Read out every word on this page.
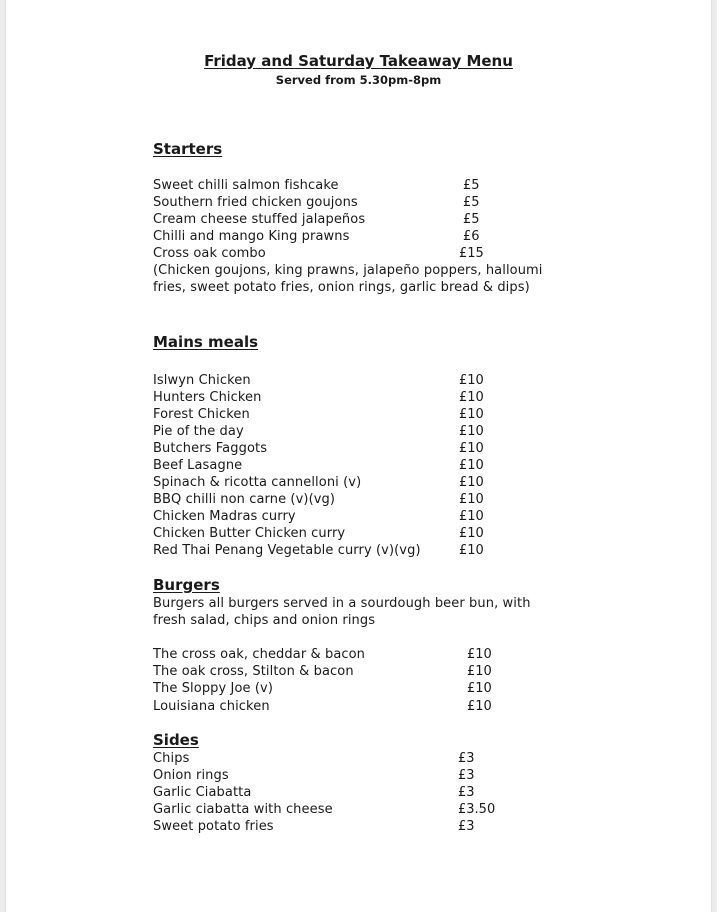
Friday and Saturday Takeaway Menu
Served from 5.30pm-8pm
Starters
Sweet chilli salmon fishcake	£5
Southern fried chicken goujons	£5
Cream cheese stuffed jalapeños	£5
Chilli and mango King prawns	£6
Cross oak combo	£15
(Chicken goujons, king prawns, jalapeño poppers, halloumi
fries, sweet potato fries, onion rings, garlic bread & dips)
Mains meals
Islwyn Chicken	£10
Hunters Chicken	£10
Forest Chicken	£10
Pie of the day	£10
Butchers Faggots	£10
Beef Lasagne	£10
Spinach & ricotta cannelloni (v)	£10
BBQ chilli non carne (v)(vg)	£10
Chicken Madras curry	£10
Chicken Butter Chicken curry	£10
Red Thai Penang Vegetable curry (v)(vg)	£10
Burgers
Burgers all burgers served in a sourdough beer bun, with
fresh salad, chips and onion rings
The cross oak, cheddar & bacon	£10
The oak cross, Stilton & bacon	£10
The Sloppy Joe (v)	£10
Louisiana chicken	£10
Sides
Chips	£3
Onion rings	£3
Garlic Ciabatta	£3
Garlic ciabatta with cheese	£3.50
Sweet potato fries	£3
